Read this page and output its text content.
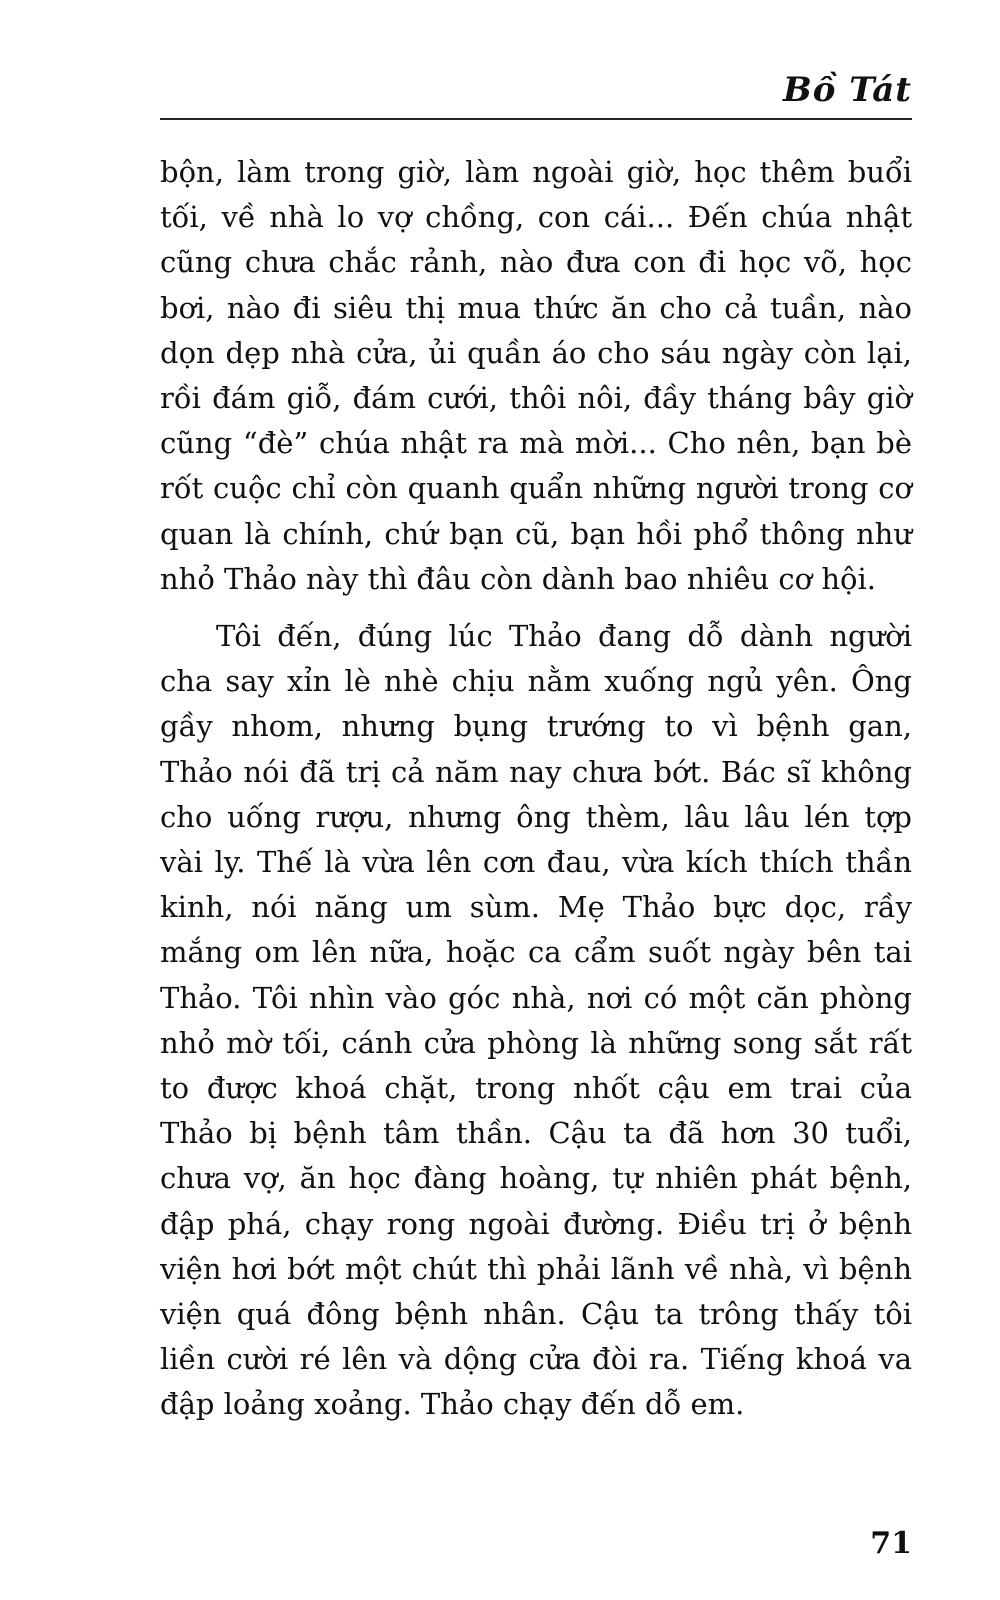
Bồ Tát

bộn, làm trong giờ, làm ngoài giờ, học thêm buổi tối, về nhà lo vợ chồng, con cái... Đến chúa nhật cũng chưa chắc rảnh, nào đưa con đi học võ, học bơi, nào đi siêu thị mua thức ăn cho cả tuần, nào dọn dẹp nhà cửa, ủi quần áo cho sáu ngày còn lại, rồi đám giỗ, đám cưới, thôi nôi, đầy tháng bây giờ cũng “đè” chúa nhật ra mà mời... Cho nên, bạn bè rốt cuộc chỉ còn quanh quẩn những người trong cơ quan là chính, chứ bạn cũ, bạn hồi phổ thông như nhỏ Thảo này thì đâu còn dành bao nhiêu cơ hội.

Tôi đến, đúng lúc Thảo đang dỗ dành người cha say xỉn lè nhè chịu nằm xuống ngủ yên. Ông gầy nhom, nhưng bụng trướng to vì bệnh gan, Thảo nói đã trị cả năm nay chưa bớt. Bác sĩ không cho uống rượu, nhưng ông thèm, lâu lâu lén tợp vài ly. Thế là vừa lên cơn đau, vừa kích thích thần kinh, nói năng um sùm. Mẹ Thảo bực dọc, rầy mắng om lên nữa, hoặc ca cẩm suốt ngày bên tai Thảo. Tôi nhìn vào góc nhà, nơi có một căn phòng nhỏ mờ tối, cánh cửa phòng là những song sắt rất to được khoá chặt, trong nhốt cậu em trai của Thảo bị bệnh tâm thần. Cậu ta đã hơn 30 tuổi, chưa vợ, ăn học đàng hoàng, tự nhiên phát bệnh, đập phá, chạy rong ngoài đường. Điều trị ở bệnh viện hơi bớt một chút thì phải lãnh về nhà, vì bệnh viện quá đông bệnh nhân. Cậu ta trông thấy tôi liền cười ré lên và dộng cửa đòi ra. Tiếng khoá va đập loảng xoảng. Thảo chạy đến dỗ em.

71
